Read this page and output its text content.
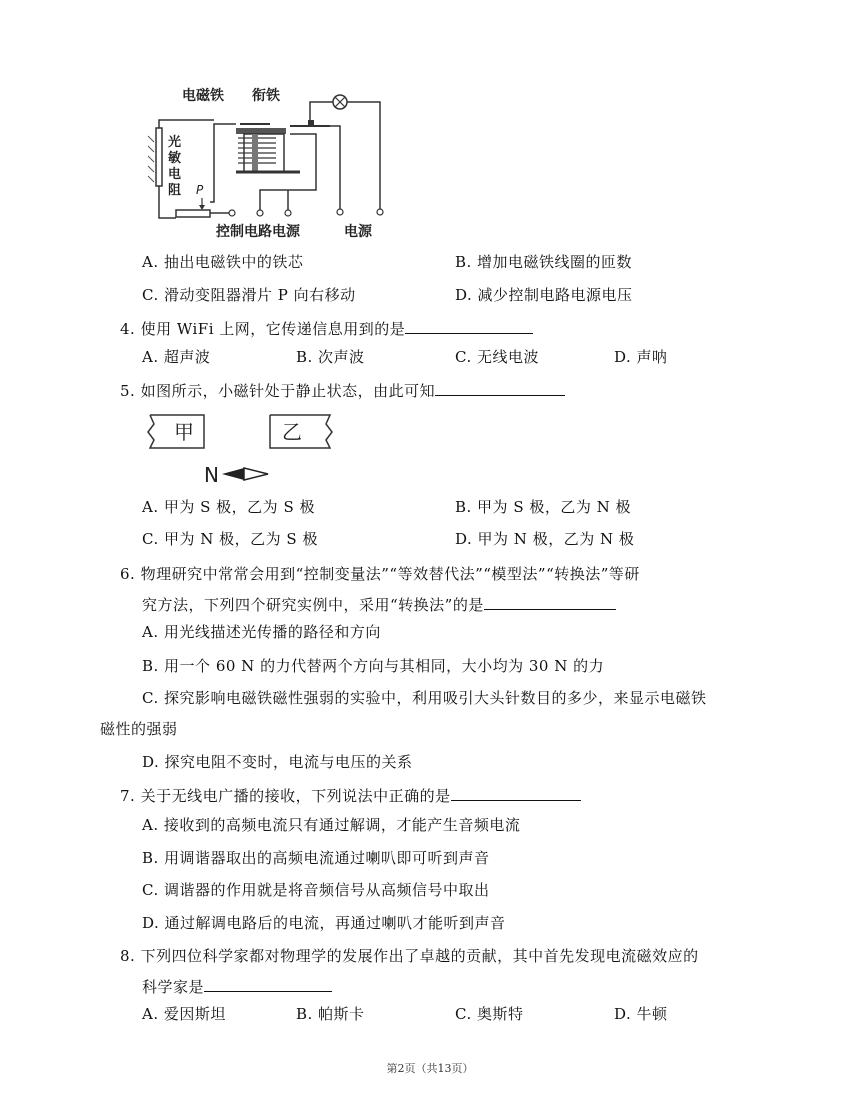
电磁铁 衔铁
光
敏
电
阻 P
控制电路电源	电源
A. 抽出电磁铁中的铁芯	B. 增加电磁铁线圈的匝数
C. 滑动变阻器滑片 P 向右移动	D. 减少控制电路电源电压
4. 使用 WiFi 上网，它传递信息用到的是
A. 超声波	B. 次声波	C. 无线电波	D. 声呐
5. 如图所示，小磁针处于静止状态，由此可知
甲	乙
N
A. 甲为 S 极，乙为 S 极	B. 甲为 S 极，乙为 N 极
C. 甲为 N 极，乙为 S 极	D. 甲为 N 极，乙为 N 极
6. 物理研究中常常会用到“控制变量法”“等效替代法”“模型法”“转换法”等研
究方法，下列四个研究实例中，采用“转换法”的是
A. 用光线描述光传播的路径和方向
B. 用一个 60 N 的力代替两个方向与其相同，大小均为 30 N 的力
C. 探究影响电磁铁磁性强弱的实验中，利用吸引大头针数目的多少，来显示电磁铁
磁性的强弱
D. 探究电阻不变时，电流与电压的关系
7. 关于无线电广播的接收，下列说法中正确的是
A. 接收到的高频电流只有通过解调，才能产生音频电流
B. 用调谐器取出的高频电流通过喇叭即可听到声音
C. 调谐器的作用就是将音频信号从高频信号中取出
D. 通过解调电路后的电流，再通过喇叭才能听到声音
8. 下列四位科学家都对物理学的发展作出了卓越的贡献，其中首先发现电流磁效应的
科学家是
A. 爱因斯坦	B. 帕斯卡	C. 奥斯特	D. 牛顿
第2页（共13页）
